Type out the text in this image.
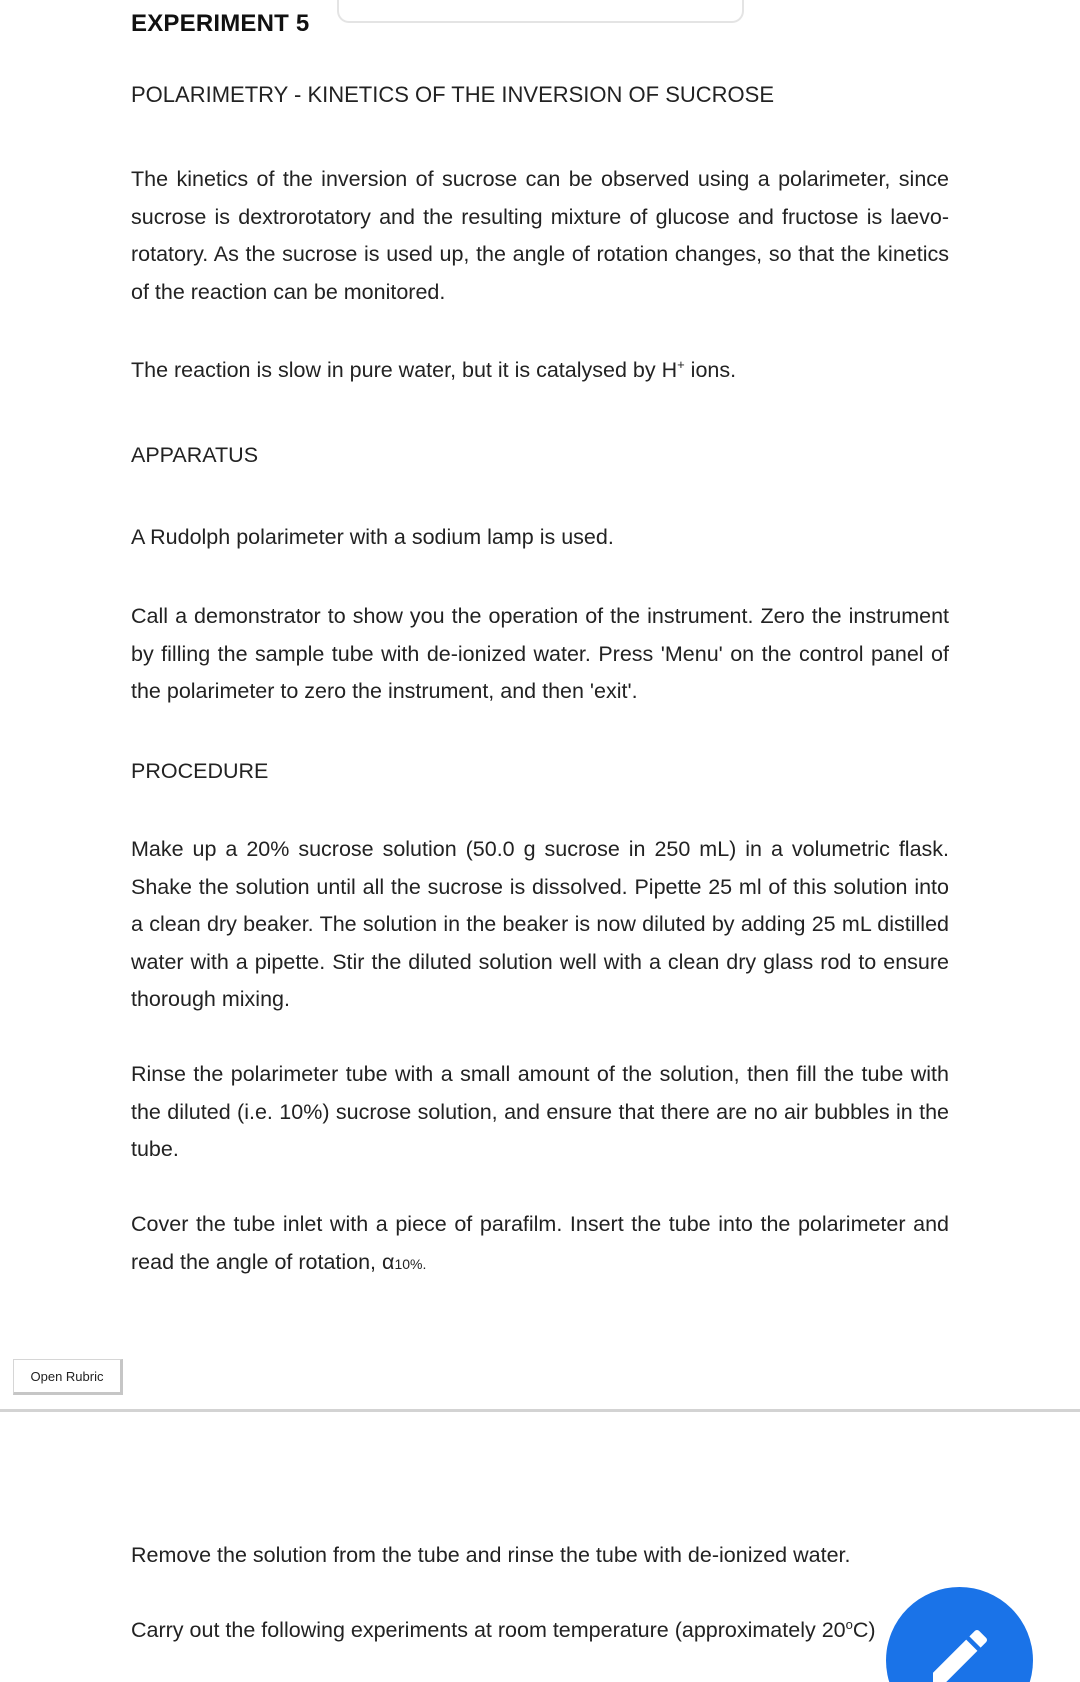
EXPERIMENT 5
POLARIMETRY - KINETICS OF THE INVERSION OF SUCROSE

The kinetics of the inversion of sucrose can be observed using a polarimeter, since sucrose is dextrorotatory and the resulting mixture of glucose and fructose is laevo-rotatory. As the sucrose is used up, the angle of rotation changes, so that the kinetics of the reaction can be monitored.

The reaction is slow in pure water, but it is catalysed by H+ ions.

APPARATUS

A Rudolph polarimeter with a sodium lamp is used.

Call a demonstrator to show you the operation of the instrument. Zero the instrument by filling the sample tube with de-ionized water. Press 'Menu' on the control panel of the polarimeter to zero the instrument, and then 'exit'.

PROCEDURE

Make up a 20% sucrose solution (50.0 g sucrose in 250 mL) in a volumetric flask. Shake the solution until all the sucrose is dissolved. Pipette 25 ml of this solution into a clean dry beaker. The solution in the beaker is now diluted by adding 25 mL distilled water with a pipette. Stir the diluted solution well with a clean dry glass rod to ensure thorough mixing.

Rinse the polarimeter tube with a small amount of the solution, then fill the tube with the diluted (i.e. 10%) sucrose solution, and ensure that there are no air bubbles in the tube.

Cover the tube inlet with a piece of parafilm. Insert the tube into the polarimeter and read the angle of rotation, α10%.

Open Rubric

Remove the solution from the tube and rinse the tube with de-ionized water.

Carry out the following experiments at room temperature (approximately 20$^o$C)
